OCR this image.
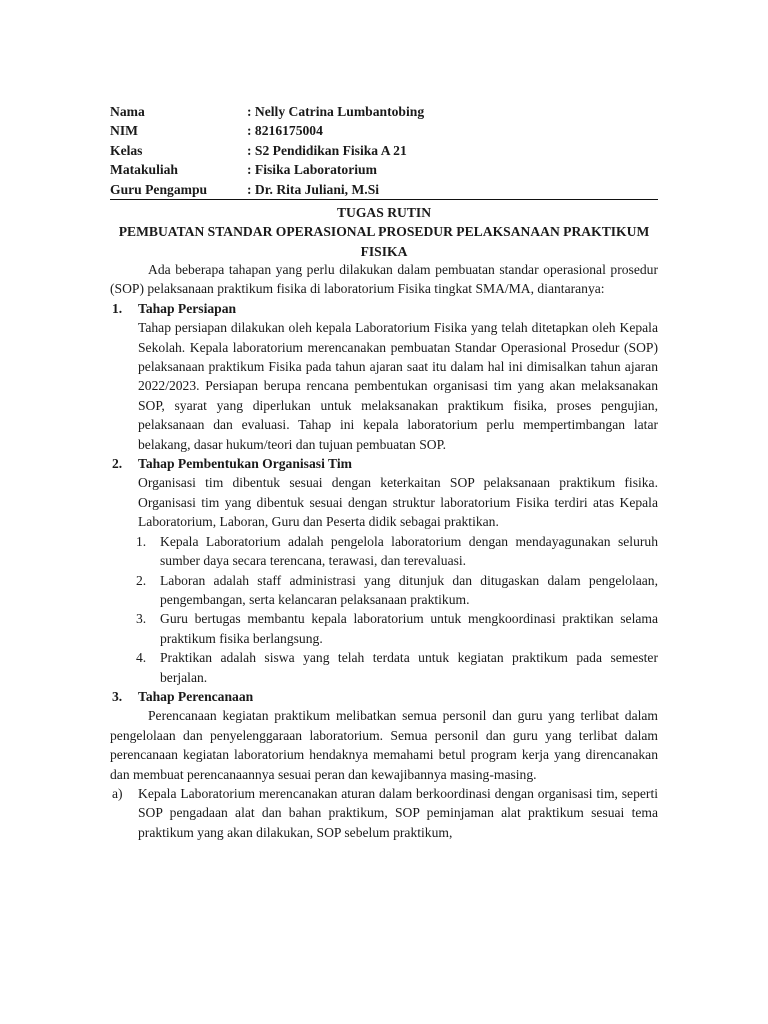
Nama	: Nelly Catrina Lumbantobing
NIM	: 8216175004
Kelas	: S2 Pendidikan Fisika A 21
Matakuliah	: Fisika Laboratorium
Guru Pengampu	: Dr. Rita Juliani, M.Si
TUGAS RUTIN
PEMBUATAN STANDAR OPERASIONAL PROSEDUR PELAKSANAAN PRAKTIKUM FISIKA

Ada beberapa tahapan yang perlu dilakukan dalam pembuatan standar operasional prosedur (SOP) pelaksanaan praktikum fisika di laboratorium Fisika tingkat SMA/MA, diantaranya:

1. Tahap Persiapan

Tahap persiapan dilakukan oleh kepala Laboratorium Fisika yang telah ditetapkan oleh Kepala Sekolah. Kepala laboratorium merencanakan pembuatan Standar Operasional Prosedur (SOP) pelaksanaan praktikum Fisika pada tahun ajaran saat itu dalam hal ini dimisalkan tahun ajaran 2022/2023. Persiapan berupa rencana pembentukan organisasi tim yang akan melaksanakan SOP, syarat yang diperlukan untuk melaksanakan praktikum fisika, proses pengujian, pelaksanaan dan evaluasi. Tahap ini kepala laboratorium perlu mempertimbangan latar belakang, dasar hukum/teori dan tujuan pembuatan SOP.

2. Tahap Pembentukan Organisasi Tim

Organisasi tim dibentuk sesuai dengan keterkaitan SOP pelaksanaan praktikum fisika. Organisasi tim yang dibentuk sesuai dengan struktur laboratorium Fisika terdiri atas Kepala Laboratorium, Laboran, Guru dan Peserta didik sebagai praktikan.

1. Kepala Laboratorium adalah pengelola laboratorium dengan mendayagunakan seluruh sumber daya secara terencana, terawasi, dan terevaluasi.

2. Laboran adalah staff administrasi yang ditunjuk dan ditugaskan dalam pengelolaan, pengembangan, serta kelancaran pelaksanaan praktikum.

3. Guru bertugas membantu kepala laboratorium untuk mengkoordinasi praktikan selama praktikum fisika berlangsung.

4. Praktikan adalah siswa yang telah terdata untuk kegiatan praktikum pada semester berjalan.

3. Tahap Perencanaan

Perencanaan kegiatan praktikum melibatkan semua personil dan guru yang terlibat dalam pengelolaan dan penyelenggaraan laboratorium. Semua personil dan guru yang terlibat dalam perencanaan kegiatan laboratorium hendaknya memahami betul program kerja yang direncanakan dan membuat perencanaannya sesuai peran dan kewajibannya masing-masing.

a) Kepala Laboratorium merencanakan aturan dalam berkoordinasi dengan organisasi tim, seperti SOP pengadaan alat dan bahan praktikum, SOP peminjaman alat praktikum sesuai tema praktikum yang akan dilakukan, SOP sebelum praktikum,
